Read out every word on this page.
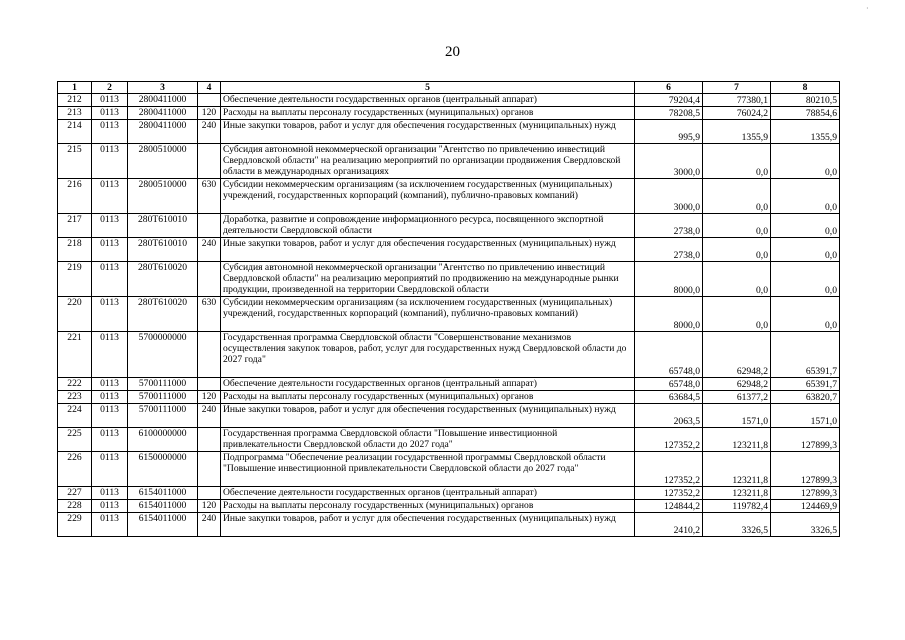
20
·
1	2	3	4	5	6	7	8
212	0113	2800411000		Обеспечение деятельности государственных органов (центральный аппарат)	79204,4	77380,1	80210,5
213	0113	2800411000	120	Расходы на выплаты персоналу государственных (муниципальных) органов	78208,5	76024,2	78854,6
214	0113	2800411000	240	Иные закупки товаров, работ и услуг для обеспечения государственных (муниципальных) нужд	995,9	1355,9	1355,9
215	0113	2800510000		Субсидия автономной некоммерческой организации "Агентство по привлечению инвестиций Свердловской области" на реализацию мероприятий по организации продвижения Свердловской области в международных организациях	3000,0	0,0	0,0
216	0113	2800510000	630	Субсидии некоммерческим организациям (за исключением государственных (муниципальных) учреждений, государственных корпораций (компаний), публично-правовых компаний)	3000,0	0,0	0,0
217	0113	280Т610010		Доработка, развитие и сопровождение информационного ресурса, посвященного экспортной деятельности Свердловской области	2738,0	0,0	0,0
218	0113	280Т610010	240	Иные закупки товаров, работ и услуг для обеспечения государственных (муниципальных) нужд	2738,0	0,0	0,0
219	0113	280Т610020		Субсидия автономной некоммерческой организации "Агентство по привлечению инвестиций Свердловской области" на реализацию мероприятий по продвижению на международные рынки продукции, произведенной на территории Свердловской области	8000,0	0,0	0,0
220	0113	280Т610020	630	Субсидии некоммерческим организациям (за исключением государственных (муниципальных) учреждений, государственных корпораций (компаний), публично-правовых компаний)	8000,0	0,0	0,0
221	0113	5700000000		Государственная программа Свердловской области "Совершенствование механизмов осуществления закупок товаров, работ, услуг для государственных нужд Свердловской области до 2027 года"	65748,0	62948,2	65391,7
222	0113	5700111000		Обеспечение деятельности государственных органов (центральный аппарат)	65748,0	62948,2	65391,7
223	0113	5700111000	120	Расходы на выплаты персоналу государственных (муниципальных) органов	63684,5	61377,2	63820,7
224	0113	5700111000	240	Иные закупки товаров, работ и услуг для обеспечения государственных (муниципальных) нужд	2063,5	1571,0	1571,0
225	0113	6100000000		Государственная программа Свердловской области "Повышение инвестиционной привлекательности Свердловской области до 2027 года"	127352,2	123211,8	127899,3
226	0113	6150000000		Подпрограмма "Обеспечение реализации государственной программы Свердловской области "Повышение инвестиционной привлекательности Свердловской области до 2027 года"	127352,2	123211,8	127899,3
227	0113	6154011000		Обеспечение деятельности государственных органов (центральный аппарат)	127352,2	123211,8	127899,3
228	0113	6154011000	120	Расходы на выплаты персоналу государственных (муниципальных) органов	124844,2	119782,4	124469,9
229	0113	6154011000	240	Иные закупки товаров, работ и услуг для обеспечения государственных (муниципальных) нужд	2410,2	3326,5	3326,5
